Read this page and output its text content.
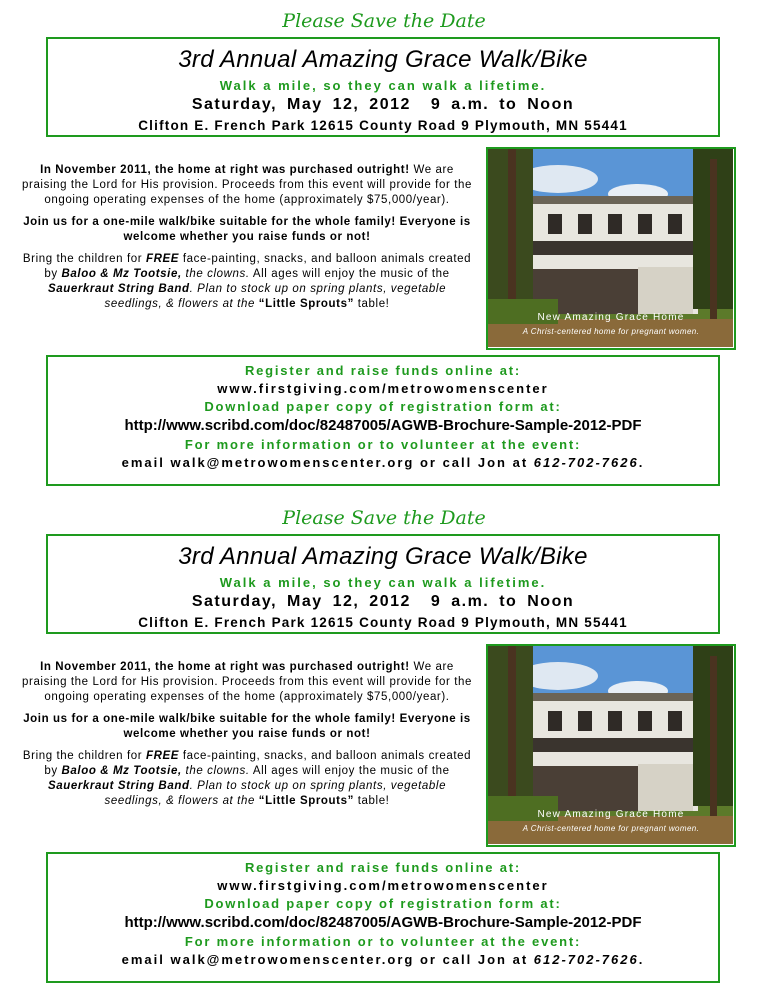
Please Save the Date
3rd Annual Amazing Grace Walk/Bike
Walk a mile, so they can walk a lifetime.
Saturday, May 12, 2012 9 a.m. to Noon
Clifton E. French Park 12615 County Road 9 Plymouth, MN 55441

In November 2011, the home at right was purchased outright! We are praising the Lord for His provision. Proceeds from this event will provide for the ongoing operating expenses of the home (approximately $75,000/year).

Join us for a one-mile walk/bike suitable for the whole family! Everyone is welcome whether you raise funds or not!

Bring the children for FREE face-painting, snacks, and balloon animals created by Baloo & Mz Tootsie, the clowns. All ages will enjoy the music of the Sauerkraut String Band. Plan to stock up on spring plants, vegetable seedlings, & flowers at the “Little Sprouts” table!

New Amazing Grace Home
A Christ-centered home for pregnant women.
Register and raise funds online at:
www.firstgiving.com/metrowomenscenter
Download paper copy of registration form at:
http://www.scribd.com/doc/82487005/AGWB-Brochure-Sample-2012-PDF
For more information or to volunteer at the event:
email walk@metrowomenscenter.org or call Jon at 612-702-7626.
Please Save the Date
3rd Annual Amazing Grace Walk/Bike
Walk a mile, so they can walk a lifetime.
Saturday, May 12, 2012 9 a.m. to Noon
Clifton E. French Park 12615 County Road 9 Plymouth, MN 55441

In November 2011, the home at right was purchased outright! We are praising the Lord for His provision. Proceeds from this event will provide for the ongoing operating expenses of the home (approximately $75,000/year).

Join us for a one-mile walk/bike suitable for the whole family! Everyone is welcome whether you raise funds or not!

Bring the children for FREE face-painting, snacks, and balloon animals created by Baloo & Mz Tootsie, the clowns. All ages will enjoy the music of the Sauerkraut String Band. Plan to stock up on spring plants, vegetable seedlings, & flowers at the “Little Sprouts” table!

New Amazing Grace Home
A Christ-centered home for pregnant women.
Register and raise funds online at:
www.firstgiving.com/metrowomenscenter
Download paper copy of registration form at:
http://www.scribd.com/doc/82487005/AGWB-Brochure-Sample-2012-PDF
For more information or to volunteer at the event:
email walk@metrowomenscenter.org or call Jon at 612-702-7626.
